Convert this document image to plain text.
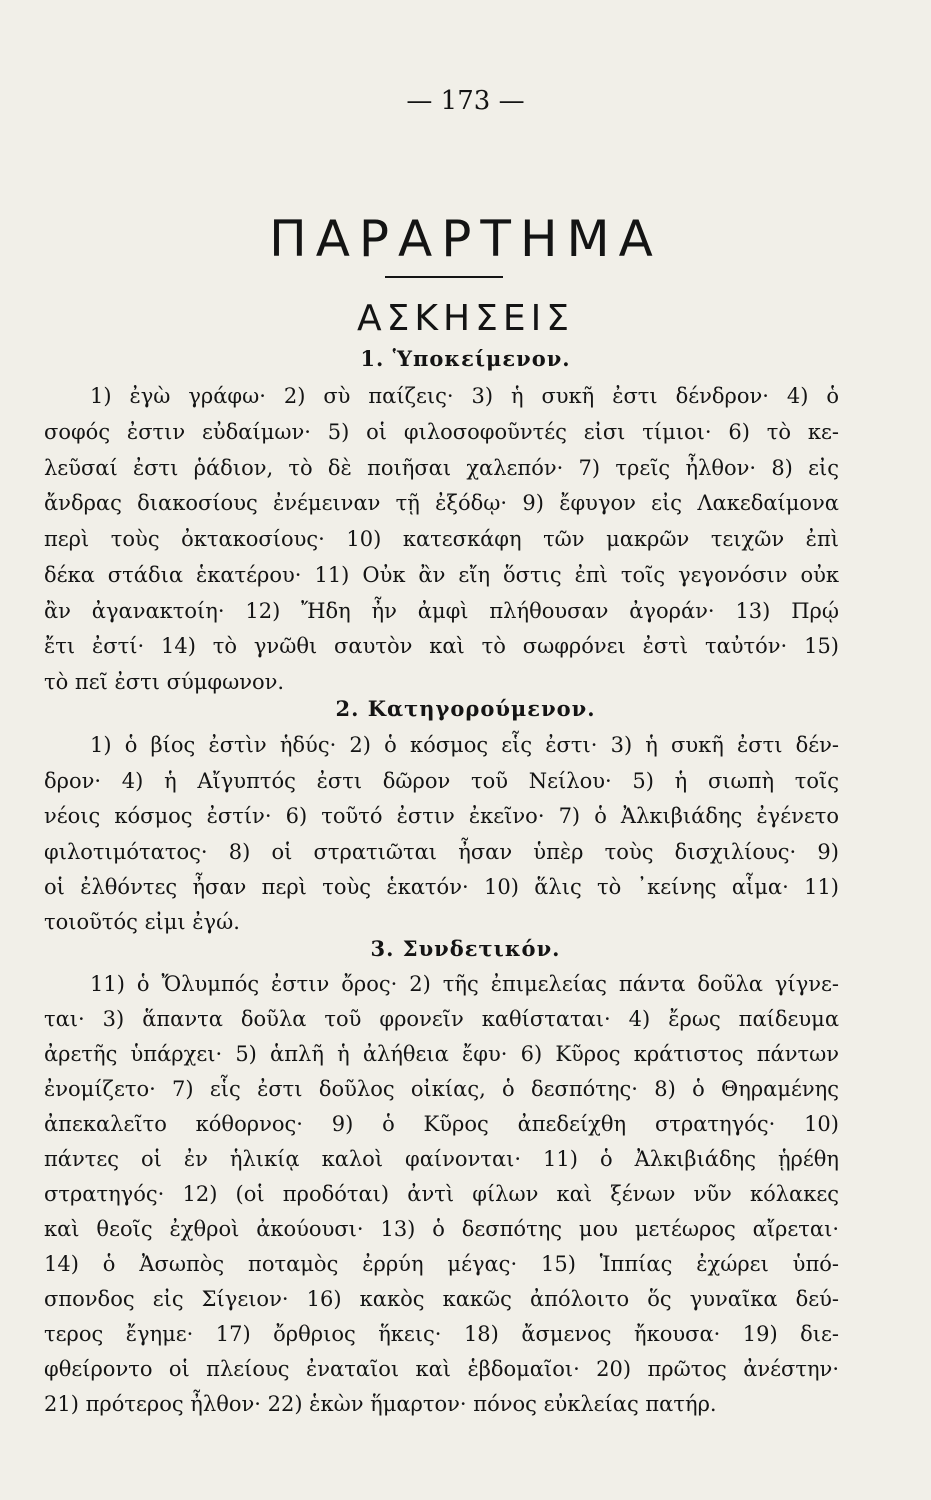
— 173 —
ΠΑΡΑΡΤΗΜΑ
ΑΣΚΗΣΕΙΣ
1. Ὑποκείμενον.
1) ἐγὼ γράφω· 2) σὺ παίζεις· 3) ἡ συκῆ ἐστι δένδρον· 4) ὁ
σοφός ἐστιν εὐδαίμων· 5) οἱ φιλοσοφοῦντές εἰσι τίμιοι· 6) τὸ κε-
λεῦσαί ἐστι ῥάδιον, τὸ δὲ ποιῆσαι χαλεπόν· 7) τρεῖς ἦλθον· 8) εἰς
ἄνδρας διακοσίους ἐνέμειναν τῇ ἐξόδῳ· 9) ἔφυγον εἰς Λακεδαίμονα
περὶ τοὺς ὀκτακοσίους· 10) κατεσκάφη τῶν μακρῶν τειχῶν ἐπὶ
δέκα στάδια ἑκατέρου· 11) Οὐκ ἂν εἴη ὅστις ἐπὶ τοῖς γεγονόσιν οὐκ
ἂν ἀγανακτοίη· 12) Ἤδη ἦν ἀμφὶ πλήθουσαν ἀγοράν· 13) Πρῴ
ἔτι ἐστί· 14) τὸ γνῶθι σαυτὸν καὶ τὸ σωφρόνει ἐστὶ ταὐτόν· 15)
τὸ πεῖ ἐστι σύμφωνον.
2. Κατηγορούμενον.
1) ὁ βίος ἐστὶν ἡδύς· 2) ὁ κόσμος εἷς ἐστι· 3) ἡ συκῆ ἐστι δέν-
δρον· 4) ἡ Αἴγυπτός ἐστι δῶρον τοῦ Νείλου· 5) ἡ σιωπὴ τοῖς
νέοις κόσμος ἐστίν· 6) τοῦτό ἐστιν ἐκεῖνο· 7) ὁ Ἀλκιβιάδης ἐγένετο
φιλοτιμότατος· 8) οἱ στρατιῶται ἦσαν ὑπὲρ τοὺς δισχιλίους· 9)
οἱ ἐλθόντες ἦσαν περὶ τοὺς ἑκατόν· 10) ἅλις τὸ ᾽κείνης αἷμα· 11)
τοιοῦτός εἰμι ἐγώ.
3. Συνδετικόν.
11) ὁ Ὄλυμπός ἐστιν ὄρος· 2) τῆς ἐπιμελείας πάντα δοῦλα γίγνε-
ται· 3) ἅπαντα δοῦλα τοῦ φρονεῖν καθίσταται· 4) ἔρως παίδευμα
ἀρετῆς ὑπάρχει· 5) ἁπλῆ ἡ ἀλήθεια ἔφυ· 6) Κῦρος κράτιστος πάντων
ἐνομίζετο· 7) εἷς ἐστι δοῦλος οἰκίας, ὁ δεσπότης· 8) ὁ Θηραμένης
ἀπεκαλεῖτο κόθορνος· 9) ὁ Κῦρος ἀπεδείχθη στρατηγός· 10)
πάντες οἱ ἐν ἡλικίᾳ καλοὶ φαίνονται· 11) ὁ Ἀλκιβιάδης ᾑρέθη
στρατηγός· 12) (οἱ προδόται) ἀντὶ φίλων καὶ ξένων νῦν κόλακες
καὶ θεοῖς ἐχθροὶ ἀκούουσι· 13) ὁ δεσπότης μου μετέωρος αἴρεται·
14) ὁ Ἀσωπὸς ποταμὸς ἐρρύη μέγας· 15) Ἱππίας ἐχώρει ὑπό-
σπονδος εἰς Σίγειον· 16) κακὸς κακῶς ἀπόλοιτο ὅς γυναῖκα δεύ-
τερος ἔγημε· 17) ὄρθριος ἥκεις· 18) ἄσμενος ἤκουσα· 19) διε-
φθείροντο οἱ πλείους ἐναταῖοι καὶ ἑβδομαῖοι· 20) πρῶτος ἀνέστην·
21) πρότερος ἦλθον· 22) ἑκὼν ἥμαρτον· πόνος εὐκλείας πατήρ.
